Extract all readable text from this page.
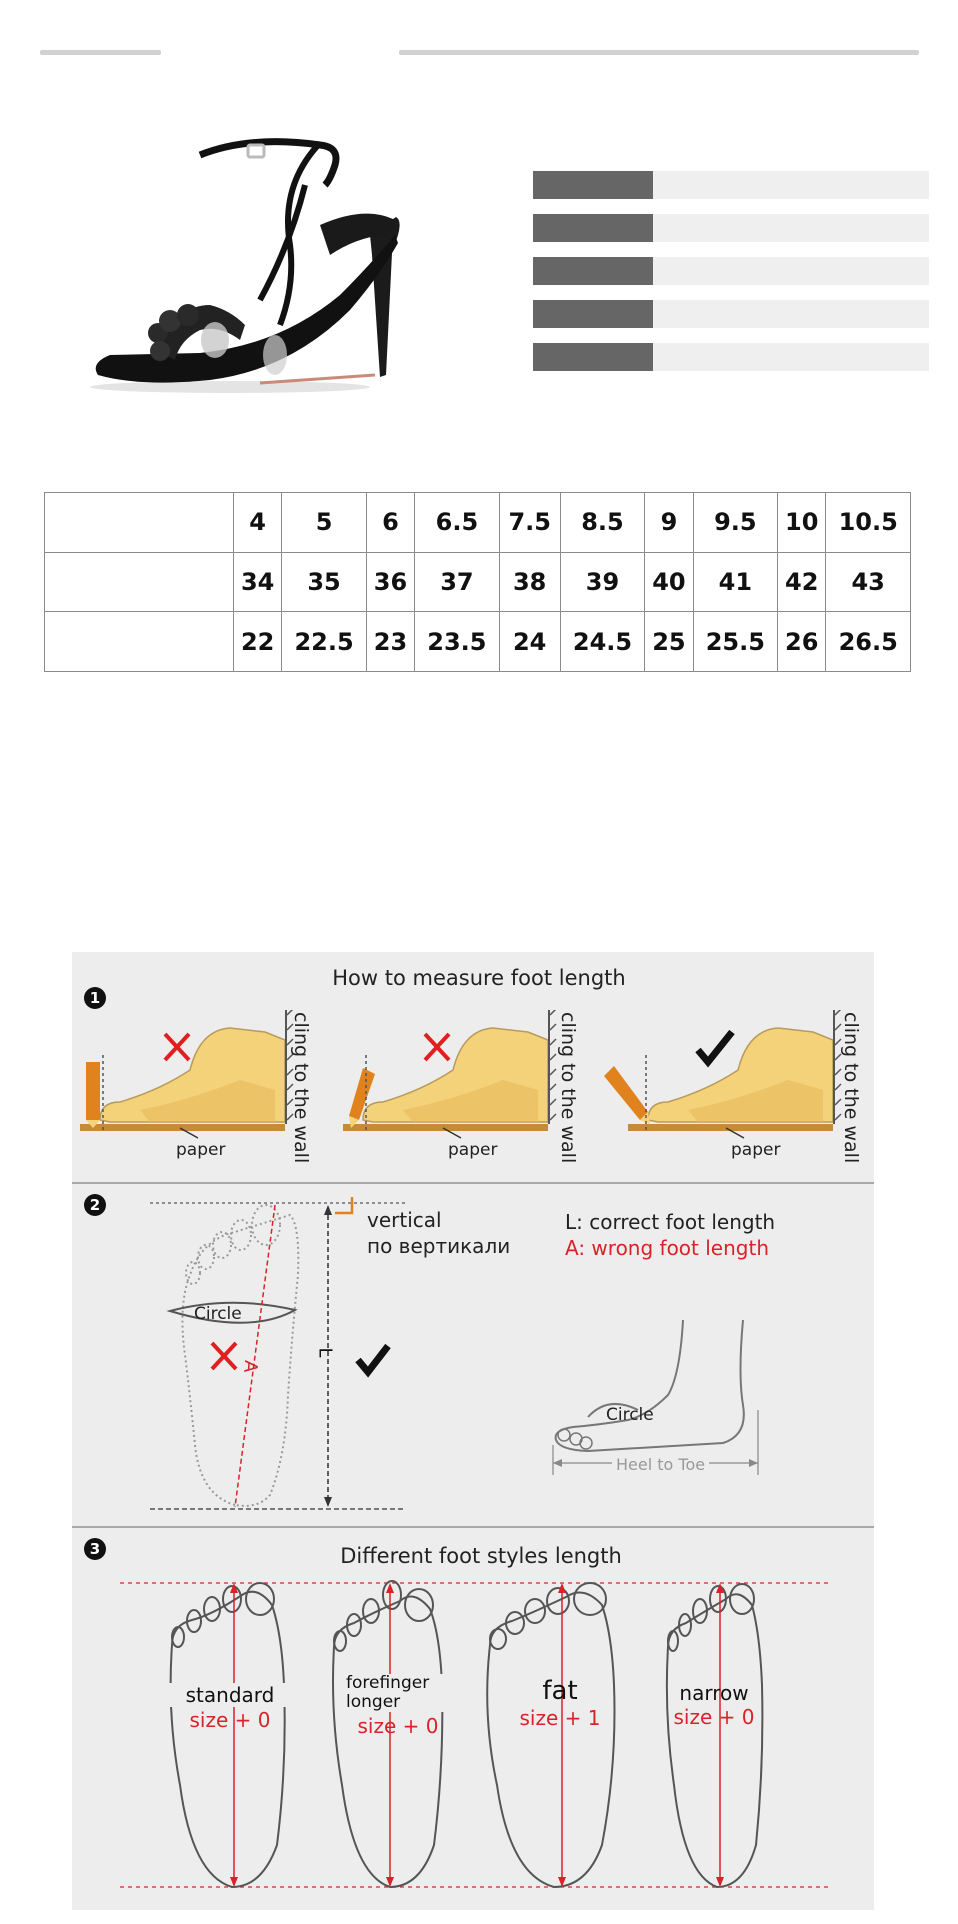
	4	5	6	6.5	7.5	8.5	9	9.5	10	10.5
	34	35	36	37	38	39	40	41	42	43
	22	22.5	23	23.5	24	24.5	25	25.5	26	26.5
1
How to measure foot length
paper	cling to the wall	paper	cling to the wall	paper	cling to the wall
2
Circle
A
L
vertical
по вертикали
L: correct foot length
A: wrong foot length
Circle
Heel to Toe
3	Different foot styles length
standard
size + 0
forefinger longer
size + 0
fat
size + 1
narrow
size + 0
